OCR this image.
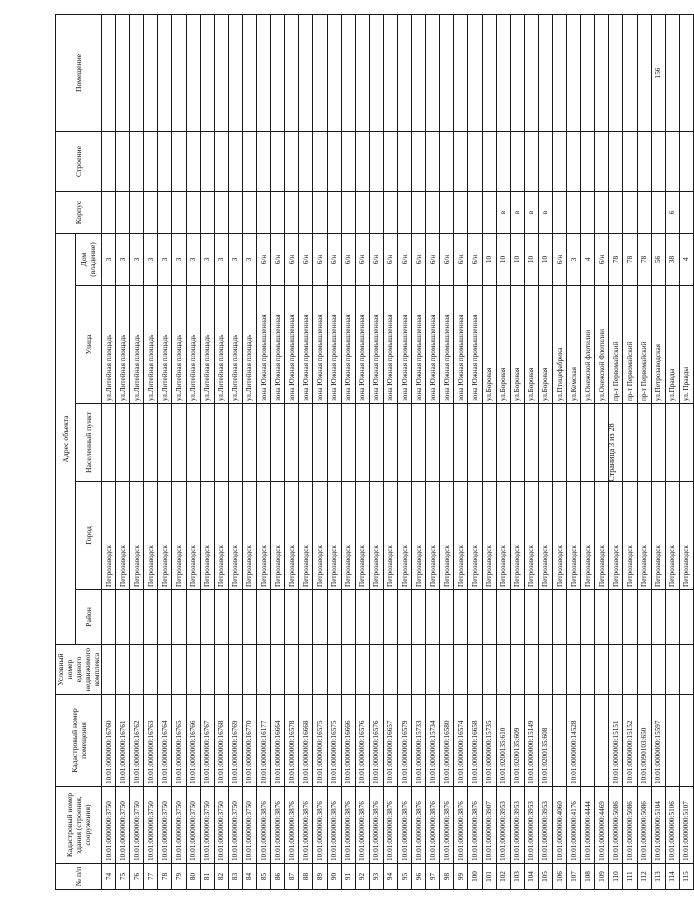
№ п/п	Кадастровый номер здания (строения, сооружения)	Кадастровый номер помещения	Условный номер единого недвижимого комплекса	Адрес объекта					Корпус	Строение	Помещение
				Район	Город	Населенный пункт	Улица	Дом (владение)			
74	10:01:0000000:3750	10:01:0000000:16760			Петрозаводск		ул.Литейная площадь	3			
75	10:01:0000000:3750	10:01:0000000:16761			Петрозаводск		ул.Литейная площадь	3			
76	10:01:0000000:3750	10:01:0000000:16762			Петрозаводск		ул.Литейная площадь	3			
77	10:01:0000000:3750	10:01:0000000:16763			Петрозаводск		ул.Литейная площадь	3			
78	10:01:0000000:3750	10:01:0000000:16764			Петрозаводск		ул.Литейная площадь	3			
79	10:01:0000000:3750	10:01:0000000:16765			Петрозаводск		ул.Литейная площадь	3			
80	10:01:0000000:3750	10:01:0000000:16766			Петрозаводск		ул.Литейная площадь	3			
81	10:01:0000000:3750	10:01:0000000:16767			Петрозаводск		ул.Литейная площадь	3			
82	10:01:0000000:3750	10:01:0000000:16768			Петрозаводск		ул.Литейная площадь	3			
83	10:01:0000000:3750	10:01:0000000:16769			Петрозаводск		ул.Литейная площадь	3			
84	10:01:0000000:3750	10:01:0000000:16770			Петрозаводск		ул.Литейная площадь	3			
85	10:01:0000000:3876	10:01:0000000:16177			Петрозаводск		зона Южная промышленная	6/н			
86	10:01:0000000:3876	10:01:0000000:16664			Петрозаводск		зона Южная промышленная	6/н			
87	10:01:0000000:3876	10:01:0000000:16578			Петрозаводск		зона Южная промышленная	6/н			
88	10:01:0000000:3876	10:01:0000000:16668			Петрозаводск		зона Южная промышленная	6/н			
89	10:01:0000000:3876	10:01:0000000:16575			Петрозаводск		зона Южная промышленная	6/н			
90	10:01:0000000:3876	10:01:0000000:16575			Петрозаводск		зона Южная промышленная	6/н			
91	10:01:0000000:3876	10:01:0000000:16666			Петрозаводск		зона Южная промышленная	6/н			
92	10:01:0000000:3876	10:01:0000000:16576			Петрозаводск		зона Южная промышленная	6/н			
93	10:01:0000000:3876	10:01:0000000:16576			Петрозаводск		зона Южная промышленная	6/н			
94	10:01:0000000:3876	10:01:0000000:16657			Петрозаводск		зона Южная промышленная	6/н			
95	10:01:0000000:3876	10:01:0000000:16579			Петрозаводск		зона Южная промышленная	6/н			
96	10:01:0000000:3876	10:01:0000000:15733			Петрозаводск		зона Южная промышленная	6/н			
97	10:01:0000000:3876	10:01:0000000:15734			Петрозаводск		зона Южная промышленная	6/н			
98	10:01:0000000:3876	10:01:0000000:16580			Петрозаводск		зона Южная промышленная	6/н			
99	10:01:0000000:3876	10:01:0000000:16574			Петрозаводск		зона Южная промышленная	6/н			
100	10:01:0000000:3876	10:01:0000000:16658			Петрозаводск		зона Южная промышленная	6/н			
101	10:01:0000000:3907	10:01:0000000:15735			Петрозаводск		ул.Боровая	10			
102	10:01:0000000:3953	10:01:0200135:610			Петрозаводск		ул.Боровая	10	в		
103	10:01:0000000:3953	10:01:0200135:609			Петрозаводск		ул.Боровая	10	в		
104	10:01:0000000:3953	10:01:0000000:15149			Петрозаводск		ул.Боровая	10	в		
105	10:01:0000000:3953	10:01:0200135:608			Петрозаводск		ул.Боровая	10	в		
106	10:01:0000000:4060				Петрозаводск		ул.Птицефабрика	6/н			
107	10:01:0000000:4176	10:01:0000000:14528			Петрозаводск		ул.Кемская	3			
108	10:01:0000000:4444				Петрозаводск		ул.Онежской флотилии	4			
109	10:01:0000000:4469				Петрозаводск		ул.Онежской Флотилии	6/н			
110	10:01:0000000:5086	10:01:0000000:15151			Петрозаводск		пр-т Первомайский	78			
111	10:01:0000000:5086	10:01:0000000:15152			Петрозаводск		пр-т Первомайский	78			
112	10:01:0000000:5086	10:01:0090103:650			Петрозаводск		пр-т Первомайский	78			
113	10:01:0000000:5104	10:01:0000000:15597			Петрозаводск		ул.Петрозаводская	56			156
114	10:01:0000000:5106				Петрозаводск		ул.Правды	38	6		
115	10:01:0000000:5107				Петрозаводск		ул. Правды	4			
Страница 3 из 28
